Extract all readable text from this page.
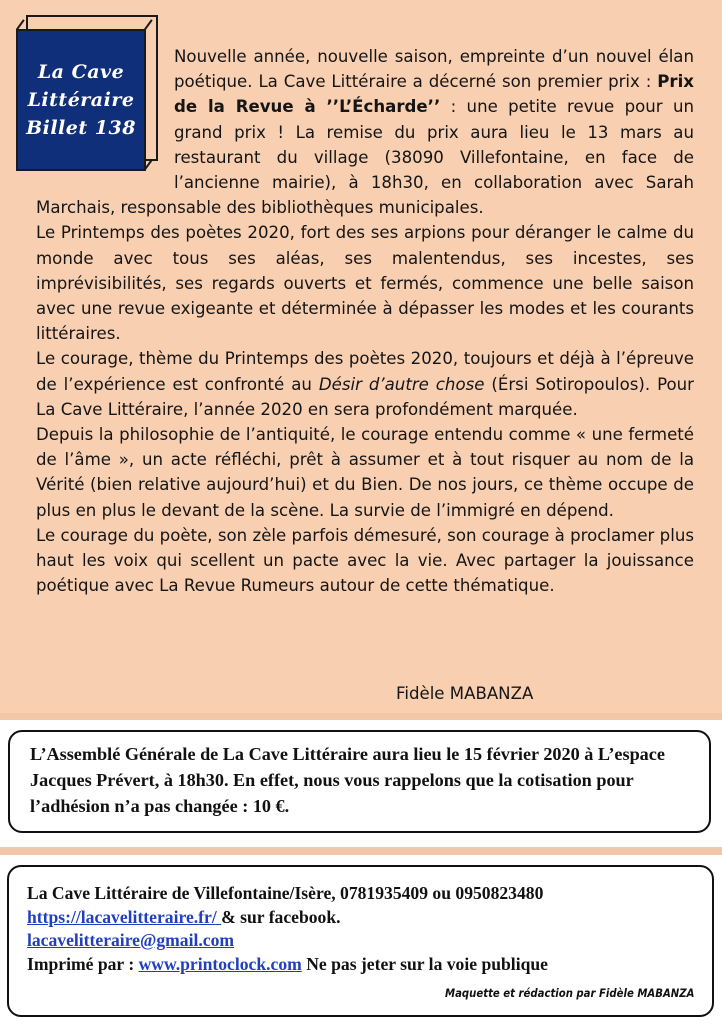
La Cave
Littéraire
Billet 138

Nouvelle année, nouvelle saison, empreinte d’un nouvel élan poétique. La Cave Littéraire a décerné son premier prix : Prix de la Revue à ’’L’Écharde’’ : une petite revue pour un grand prix ! La remise du prix aura lieu le 13 mars au restaurant du village (38090 Villefontaine, en face de l’ancienne mairie), à 18h30, en collaboration avec Sarah Marchais, responsable des bibliothèques municipales.

Le Printemps des poètes 2020, fort des ses arpions pour déranger le calme du monde avec tous ses aléas, ses malentendus, ses incestes, ses imprévisibilités, ses regards ouverts et fermés, commence une belle saison avec une revue exigeante et déterminée à dépasser les modes et les courants littéraires.

Le courage, thème du Printemps des poètes 2020, toujours et déjà à l’épreuve de l’expérience est confronté au Désir d’autre chose (Érsi Sotiropoulos). Pour La Cave Littéraire, l’année 2020 en sera profondément marquée.

Depuis la philosophie de l’antiquité, le courage entendu comme « une fermeté de l’âme », un acte réfléchi, prêt à assumer et à tout risquer au nom de la Vérité (bien relative aujourd’hui) et du Bien. De nos jours, ce thème occupe de plus en plus le devant de la scène. La survie de l’immigré en dépend.

Le courage du poète, son zèle parfois démesuré, son courage à proclamer plus haut les voix qui scellent un pacte avec la vie. Avec partager la jouissance poétique avec La Revue Rumeurs autour de cette thématique.

Fidèle MABANZA
L’Assemblé Générale de La Cave Littéraire aura lieu le 15 février 2020 à L’espace Jacques Prévert, à 18h30. En effet, nous vous rappelons que la cotisation pour l’adhésion n’a pas changée : 10 €.
La Cave Littéraire de Villefontaine/Isère, 0781935409 ou 0950823480
https://lacavelitteraire.fr/ & sur facebook.
lacavelitteraire@gmail.com
Imprimé par : www.printoclock.com Ne pas jeter sur la voie publique
Maquette et rédaction par Fidèle MABANZA
